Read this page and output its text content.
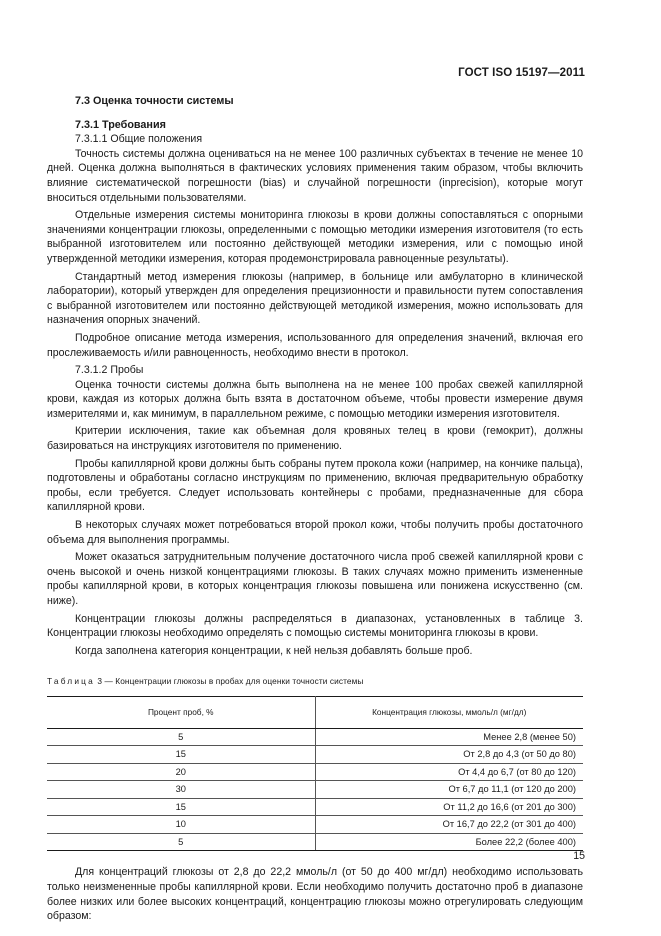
ГОСТ ISO 15197—2011
7.3 Оценка точности системы
7.3.1 Требования
7.3.1.1 Общие положения

Точность системы должна оцениваться на не менее 100 различных субъектах в течение не менее 10 дней. Оценка должна выполняться в фактических условиях применения таким образом, чтобы включить влияние систематической погрешности (bias) и случайной погрешности (inprecision), которые могут вноситься отдельными пользователями.

Отдельные измерения системы мониторинга глюкозы в крови должны сопоставляться с опорными значениями концентрации глюкозы, определенными с помощью методики измерения изготовителя (то есть выбранной изготовителем или постоянно действующей методики измерения, или с помощью иной утвержденной методики измерения, которая продемонстрировала равноценные результаты).

Стандартный метод измерения глюкозы (например, в больнице или амбулаторно в клинической лаборатории), который утвержден для определения прецизионности и правильности путем сопоставления с выбранной изготовителем или постоянно действующей методикой измерения, можно использовать для назначения опорных значений.

Подробное описание метода измерения, использованного для определения значений, включая его прослеживаемость и/или равноценность, необходимо внести в протокол.

7.3.1.2 Пробы

Оценка точности системы должна быть выполнена на не менее 100 пробах свежей капиллярной крови, каждая из которых должна быть взята в достаточном объеме, чтобы провести измерение двумя измерителями и, как минимум, в параллельном режиме, с помощью методики измерения изготовителя.

Критерии исключения, такие как объемная доля кровяных телец в крови (гемокрит), должны базироваться на инструкциях изготовителя по применению.

Пробы капиллярной крови должны быть собраны путем прокола кожи (например, на кончике пальца), подготовлены и обработаны согласно инструкциям по применению, включая предварительную обработку пробы, если требуется. Следует использовать контейнеры с пробами, предназначенные для сбора капиллярной крови.

В некоторых случаях может потребоваться второй прокол кожи, чтобы получить пробы достаточного объема для выполнения программы.

Может оказаться затруднительным получение достаточного числа проб свежей капиллярной крови с очень высокой и очень низкой концентрациями глюкозы. В таких случаях можно применить измененные пробы капиллярной крови, в которых концентрация глюкозы повышена или понижена искусственно (см. ниже).

Концентрации глюкозы должны распределяться в диапазонах, установленных в таблице 3. Концентрации глюкозы необходимо определять с помощью системы мониторинга глюкозы в крови.

Когда заполнена категория концентрации, к ней нельзя добавлять больше проб.

Таблица 3 — Концентрации глюкозы в пробах для оценки точности системы
Процент проб, %	Концентрация глюкозы, ммоль/л (мг/дл)
5	Менее 2,8 (менее 50)
15	От 2,8 до 4,3 (от 50 до 80)
20	От 4,4 до 6,7 (от 80 до 120)
30	От 6,7 до 11,1 (от 120 до 200)
15	От 11,2 до 16,6 (от 201 до 300)
10	От 16,7 до 22,2 (от 301 до 400)
5	Более 22,2 (более 400)

Для концентраций глюкозы от 2,8 до 22,2 ммоль/л (от 50 до 400 мг/дл) необходимо использовать только неизмененные пробы капиллярной крови. Если необходимо получить достаточно проб в диапазоне более низких или более высоких концентраций, концентрацию глюкозы можно отрегулировать следующим образом:

15
